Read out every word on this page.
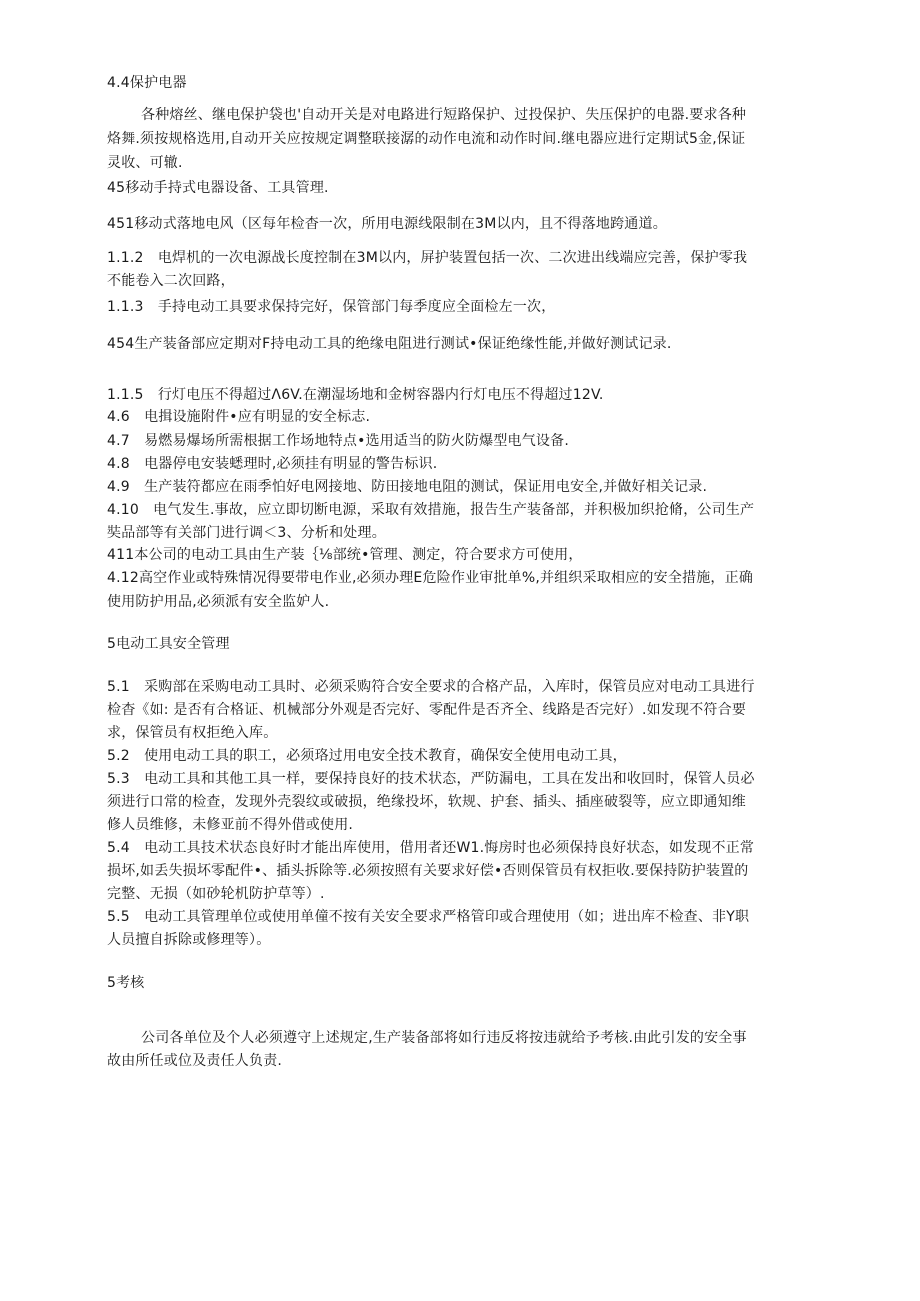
4.4保护电器
各种熔丝、继电保护袋也'自动开关是对电路进行短路保护、过投保护、失压保护的电器.要求各种
烙舞.须按规格选用,自动开关应按规定调整联接潺的动作电流和动作时间.继电器应进行定期试5金,保证
灵收、可辙.
45移动手持式电器设备、工具管理.
451移动式落地电风（区每年检杳一次，所用电源线限制在3M以内，且不得落地跨通道。
1.1.2　电焊机的一次电源战长度控制在3M以内，屏护装置包括一次、二次进出线端应完善，保护零我
不能卷入二次回路，
1.1.3　手持电动工具要求保持完好，保管部门每季度应全面检左一次，
454生产装备部应定期对F持电动工具的绝缘电阻进行测试•保证绝缘性能,并做好测试记录.
1.1.5　行灯电压不得超过Λ6V.在潮湿场地和金树容器内行灯电压不得超过12V.
4.6　电揖设施附件•应有明显的安全标志.
4.7　易燃易爆场所需根据工作场地特点•选用适当的防火防爆型电气设备.
4.8　电器停电安装蟋理时,必须挂有明显的警告标识.
4.9　生产装符都应在雨季怕好电网接地、防田接地电阻的测试，保证用电安全,并做好相关记录.
4.10　电气发生.事故，应立即切断电源，采取有效措施，报告生产装备部，并积极加织抢脩，公司生产
奘品部等有关部门进行调＜3、分析和处理。
411本公司的电动工具由生产装｛⅛部统•管理、测定，符合要求方可使用，
4.12高空作业或特殊情况得要带电作业,必须办理E危险作业审批单%,并组织采取相应的安全措施，正确
使用防护用品,必须派有安全监妒人.
5电动工具安全管理
5.1　采购部在采购电动工具时、必须采购符合安全要求的合格产品，入库时，保管员应对电动工具进行
检杳《如: 是否有合格证、机械部分外观是否完好、零配件是否齐全、线路是否完好）.如发现不符合要
求，保管员有权拒绝入库。
5.2　使用电动工具的职工，必须珞过用电安全技术教育，确保安全使用电动工具，
5.3　电动工具和其他工具一样，要保持良好的技术状态，严防漏电，工具在发出和收回时，保管人员必
须进行口常的检查，发现外壳裂纹或破损，绝缘投坏，软规、护套、插头、插座破裂等，应立即通知维
修人员维修，未修亚前不得外借或使用.
5.4　电动工具技术状态良好时才能出库使用，借用者还W1.悔房时也必须保持良好状态，如发现不正常
损坏,如丢失损坏零配件•、插头拆除等.必须按照有关要求好偿•否则保管员有权拒收.要保持防护装置的
完整、无损（如砂轮机防护草等）.
5.5　电动工具管理单位或使用单僮不按有关安全要求严格管印或合理使用（如；进出库不检查、非Y职
人员擅自拆除或修理等）。
5考核
公司各单位及个人必须遵守上述规定,生产装备部将如行违反将按违就给予考核.由此引发的安全事
故由所任或位及责任人负责.
